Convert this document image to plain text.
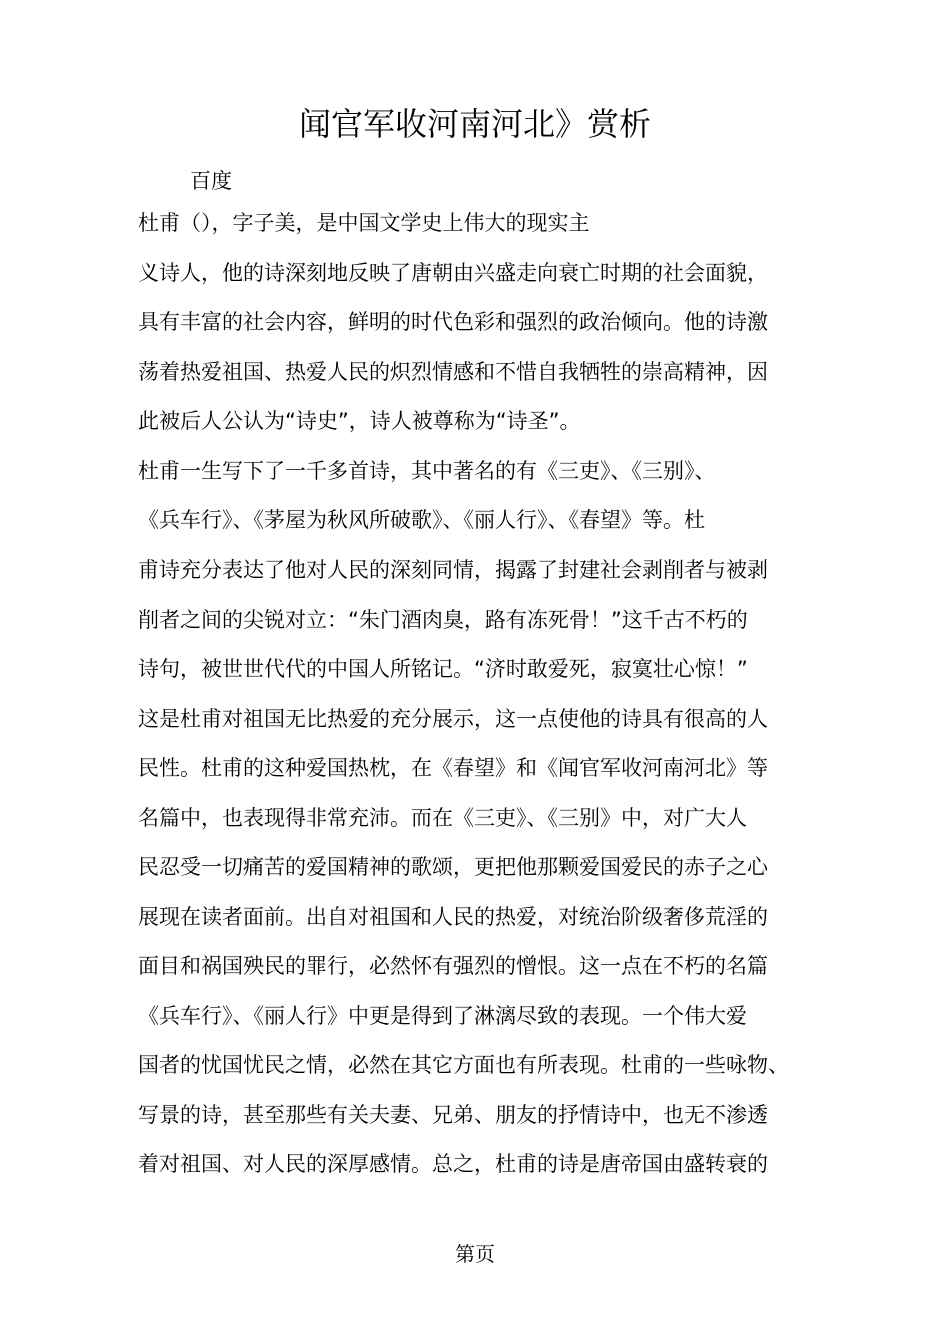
闻官军收河南河北》赏析
百度
杜甫（），字子美，是中国文学史上伟大的现实主
义诗人，他的诗深刻地反映了唐朝由兴盛走向衰亡时期的社会面貌，
具有丰富的社会内容，鲜明的时代色彩和强烈的政治倾向。他的诗激
荡着热爱祖国、热爱人民的炽烈情感和不惜自我牺牲的崇高精神，因
此被后人公认为“诗史”，诗人被尊称为“诗圣”。
杜甫一生写下了一千多首诗，其中著名的有《三吏》、《三别》、
《兵车行》、《茅屋为秋风所破歌》、《丽人行》、《春望》等。杜
甫诗充分表达了他对人民的深刻同情，揭露了封建社会剥削者与被剥
削者之间的尖锐对立：“朱门酒肉臭，路有冻死骨！”这千古不朽的
诗句，被世世代代的中国人所铭记。“济时敢爱死，寂寞壮心惊！”
这是杜甫对祖国无比热爱的充分展示，这一点使他的诗具有很高的人
民性。杜甫的这种爱国热枕，在《春望》和《闻官军收河南河北》等
名篇中，也表现得非常充沛。而在《三吏》、《三别》中，对广大人
民忍受一切痛苦的爱国精神的歌颂，更把他那颗爱国爱民的赤子之心
展现在读者面前。出自对祖国和人民的热爱，对统治阶级奢侈荒淫的
面目和祸国殃民的罪行，必然怀有强烈的憎恨。这一点在不朽的名篇
《兵车行》、《丽人行》中更是得到了淋漓尽致的表现。一个伟大爱
国者的忧国忧民之情，必然在其它方面也有所表现。杜甫的一些咏物、
写景的诗，甚至那些有关夫妻、兄弟、朋友的抒情诗中，也无不渗透
着对祖国、对人民的深厚感情。总之，杜甫的诗是唐帝国由盛转衰的
第页
